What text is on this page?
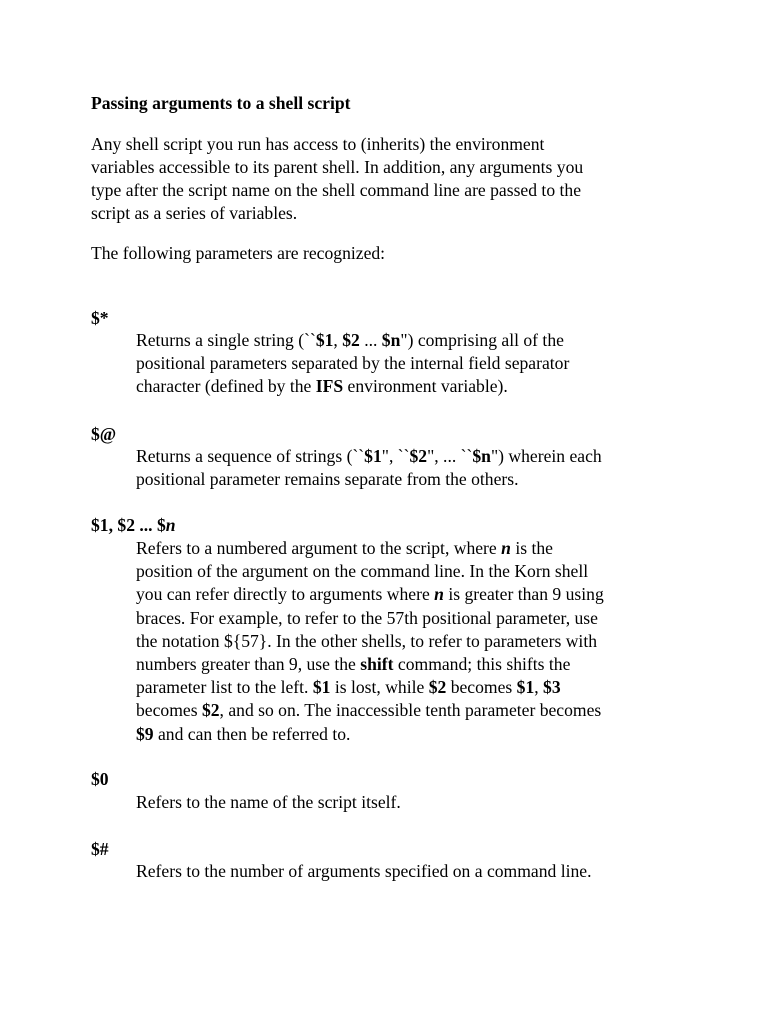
Passing arguments to a shell script
Any shell script you run has access to (inherits) the environment
variables accessible to its parent shell. In addition, any arguments you
type after the script name on the shell command line are passed to the
script as a series of variables.

The following parameters are recognized:

$*
Returns a single string (``$1, $2 ... $n") comprising all of the
positional parameters separated by the internal field separator
character (defined by the IFS environment variable).
$@
Returns a sequence of strings (``$1", ``$2", ... ``$n") wherein each
positional parameter remains separate from the others.
$1, $2 ... $n
Refers to a numbered argument to the script, where n is the
position of the argument on the command line. In the Korn shell
you can refer directly to arguments where n is greater than 9 using
braces. For example, to refer to the 57th positional parameter, use
the notation ${57}. In the other shells, to refer to parameters with
numbers greater than 9, use the shift command; this shifts the
parameter list to the left. $1 is lost, while $2 becomes $1, $3
becomes $2, and so on. The inaccessible tenth parameter becomes
$9 and can then be referred to.
$0
Refers to the name of the script itself.
$#
Refers to the number of arguments specified on a command line.
